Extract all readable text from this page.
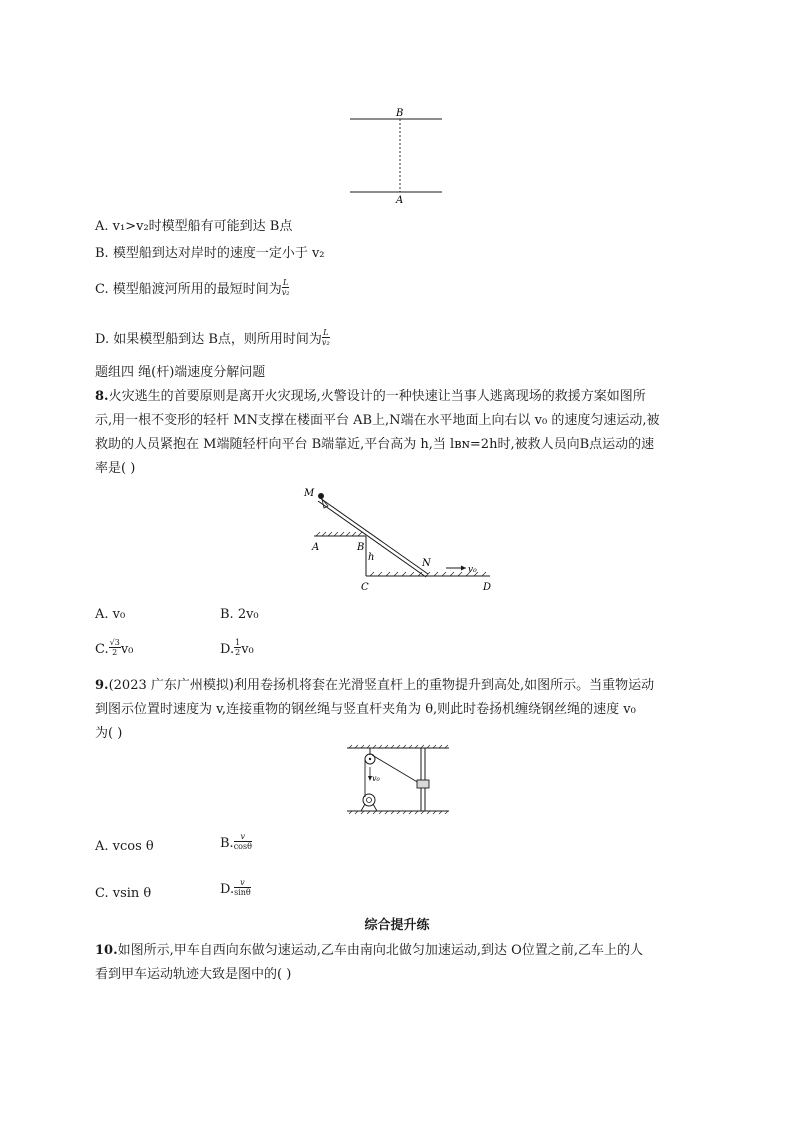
B
A
A. v₁>v₂时模型船有可能到达 B点
B. 模型船到达对岸时的速度一定小于 v₂
C. 模型船渡河所用的最短时间为 $\frac{L}{\text{v₂}}$
D. 如果模型船到达 B点，则所用时间为 $\frac{L}{\text{v₂}}$
题组四 绳(杆)端速度分解问题
8.火灾逃生的首要原则是离开火灾现场,火警设计的一种快速让当事人逃离现场的救援方案如图所
示,用一根不变形的轻杆 MN支撑在楼面平台 AB上,N端在水平地面上向右以 v₀ 的速度匀速运动,被
救助的人员紧抱在 M端随轻杆向平台 B端靠近,平台高为 h,当 lʙɴ=2h时,被救人员向B点运动的速
率是( )
M
A	B
h
N
v₀
C	D
A. v₀	B. 2v₀
C. $\frac{√3}{2} v_0$	D. $\frac{1}{2} v_0$
9.(2023 广东广州模拟)利用卷扬机将套在光滑竖直杆上的重物提升到高处,如图所示。当重物运动
到图示位置时速度为 v,连接重物的钢丝绳与竖直杆夹角为 θ,则此时卷扬机缠绕钢丝绳的速度 v₀
为( )
v₀
A. vcos θ	B. $\frac{v}{\cos\theta}$
C. vsin θ	D. $\frac{v}{\sin\theta}$
综合提升练
10.如图所示,甲车自西向东做匀速运动,乙车由南向北做匀加速运动,到达 O位置之前,乙车上的人
看到甲车运动轨迹大致是图中的( )
